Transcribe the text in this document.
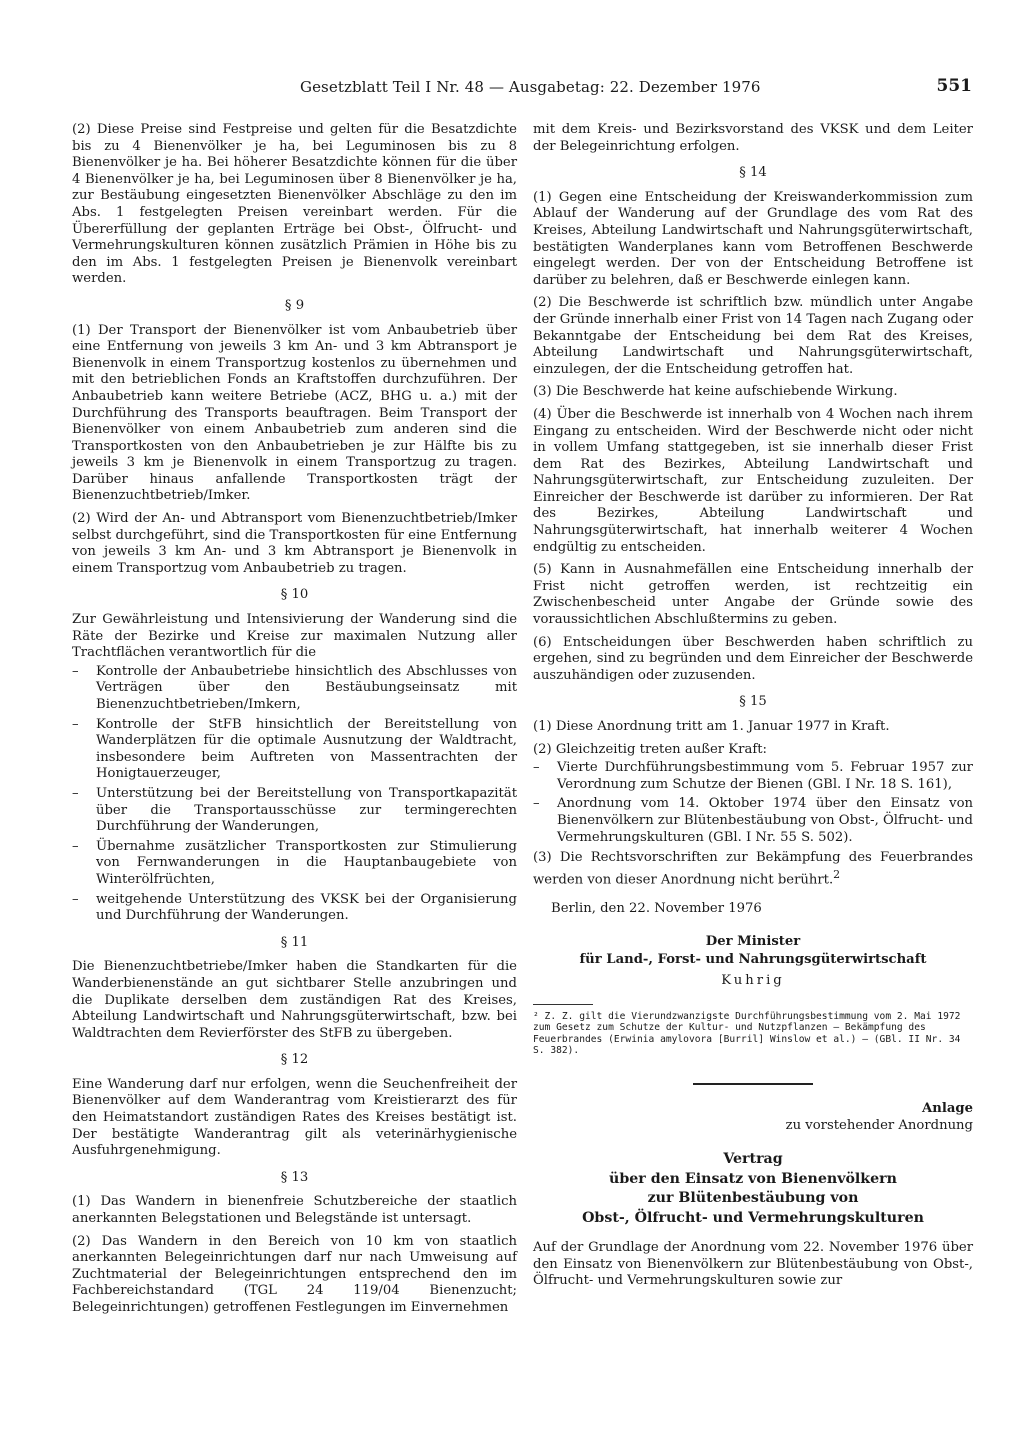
Gesetzblatt Teil I Nr. 48 — Ausgabetag: 22. Dezember 1976	551

(2) Diese Preise sind Festpreise und gelten für die Besatzdichte bis zu 4 Bienenvölker je ha, bei Leguminosen bis zu 8 Bienenvölker je ha. Bei höherer Besatzdichte können für die über 4 Bienenvölker je ha, bei Leguminosen über 8 Bienenvölker je ha, zur Bestäubung eingesetzten Bienenvölker Abschläge zu den im Abs. 1 festgelegten Preisen vereinbart werden. Für die Übererfüllung der geplanten Erträge bei Obst-, Ölfrucht- und Vermehrungskulturen können zusätzlich Prämien in Höhe bis zu den im Abs. 1 festgelegten Preisen je Bienenvolk vereinbart werden.

§ 9

(1) Der Transport der Bienenvölker ist vom Anbaubetrieb über eine Entfernung von jeweils 3 km An- und 3 km Abtransport je Bienenvolk in einem Transportzug kostenlos zu übernehmen und mit den betrieblichen Fonds an Kraftstoffen durchzuführen. Der Anbaubetrieb kann weitere Betriebe (ACZ, BHG u. a.) mit der Durchführung des Transports beauftragen. Beim Transport der Bienenvölker von einem Anbaubetrieb zum anderen sind die Transportkosten von den Anbaubetrieben je zur Hälfte bis zu jeweils 3 km je Bienenvolk in einem Transportzug zu tragen. Darüber hinaus anfallende Transportkosten trägt der Bienenzuchtbetrieb/Imker.

(2) Wird der An- und Abtransport vom Bienenzuchtbetrieb/Imker selbst durchgeführt, sind die Transportkosten für eine Entfernung von jeweils 3 km An- und 3 km Abtransport je Bienenvolk in einem Transportzug vom Anbaubetrieb zu tragen.

§ 10

Zur Gewährleistung und Intensivierung der Wanderung sind die Räte der Bezirke und Kreise zur maximalen Nutzung aller Trachtflächen verantwortlich für die

– Kontrolle der Anbaubetriebe hinsichtlich des Abschlusses von Verträgen über den Bestäubungseinsatz mit Bienenzuchtbetrieben/Imkern,
– Kontrolle der StFB hinsichtlich der Bereitstellung von Wanderplätzen für die optimale Ausnutzung der Waldtracht, insbesondere beim Auftreten von Massentrachten der Honigtauerzeuger,
– Unterstützung bei der Bereitstellung von Transportkapazität über die Transportausschüsse zur termingerechten Durchführung der Wanderungen,
– Übernahme zusätzlicher Transportkosten zur Stimulierung von Fernwanderungen in die Hauptanbaugebiete von Winterölfrüchten,
– weitgehende Unterstützung des VKSK bei der Organisierung und Durchführung der Wanderungen.
§ 11

Die Bienenzuchtbetriebe/Imker haben die Standkarten für die Wanderbienenstände an gut sichtbarer Stelle anzubringen und die Duplikate derselben dem zuständigen Rat des Kreises, Abteilung Landwirtschaft und Nahrungsgüterwirtschaft, bzw. bei Waldtrachten dem Revierförster des StFB zu übergeben.

§ 12

Eine Wanderung darf nur erfolgen, wenn die Seuchenfreiheit der Bienenvölker auf dem Wanderantrag vom Kreistierarzt des für den Heimatstandort zuständigen Rates des Kreises bestätigt ist. Der bestätigte Wanderantrag gilt als veterinärhygienische Ausfuhrgenehmigung.

§ 13

(1) Das Wandern in bienenfreie Schutzbereiche der staatlich anerkannten Belegstationen und Belegstände ist untersagt.

(2) Das Wandern in den Bereich von 10 km von staatlich anerkannten Belegeinrichtungen darf nur nach Umweisung auf Zuchtmaterial der Belegeinrichtungen entsprechend den im Fachbereichstandard (TGL 24 119/04 Bienenzucht; Belegeinrichtungen) getroffenen Festlegungen im Einvernehmen

mit dem Kreis- und Bezirksvorstand des VKSK und dem Leiter der Belegeinrichtung erfolgen.

§ 14

(1) Gegen eine Entscheidung der Kreiswanderkommission zum Ablauf der Wanderung auf der Grundlage des vom Rat des Kreises, Abteilung Landwirtschaft und Nahrungsgüterwirtschaft, bestätigten Wanderplanes kann vom Betroffenen Beschwerde eingelegt werden. Der von der Entscheidung Betroffene ist darüber zu belehren, daß er Beschwerde einlegen kann.

(2) Die Beschwerde ist schriftlich bzw. mündlich unter Angabe der Gründe innerhalb einer Frist von 14 Tagen nach Zugang oder Bekanntgabe der Entscheidung bei dem Rat des Kreises, Abteilung Landwirtschaft und Nahrungsgüterwirtschaft, einzulegen, der die Entscheidung getroffen hat.

(3) Die Beschwerde hat keine aufschiebende Wirkung.

(4) Über die Beschwerde ist innerhalb von 4 Wochen nach ihrem Eingang zu entscheiden. Wird der Beschwerde nicht oder nicht in vollem Umfang stattgegeben, ist sie innerhalb dieser Frist dem Rat des Bezirkes, Abteilung Landwirtschaft und Nahrungsgüterwirtschaft, zur Entscheidung zuzuleiten. Der Einreicher der Beschwerde ist darüber zu informieren. Der Rat des Bezirkes, Abteilung Landwirtschaft und Nahrungsgüterwirtschaft, hat innerhalb weiterer 4 Wochen endgültig zu entscheiden.

(5) Kann in Ausnahmefällen eine Entscheidung innerhalb der Frist nicht getroffen werden, ist rechtzeitig ein Zwischenbescheid unter Angabe der Gründe sowie des voraussichtlichen Abschlußtermins zu geben.

(6) Entscheidungen über Beschwerden haben schriftlich zu ergehen, sind zu begründen und dem Einreicher der Beschwerde auszuhändigen oder zuzusenden.

§ 15

(1) Diese Anordnung tritt am 1. Januar 1977 in Kraft.

(2) Gleichzeitig treten außer Kraft:

– Vierte Durchführungsbestimmung vom 5. Februar 1957 zur Verordnung zum Schutze der Bienen (GBl. I Nr. 18 S. 161),
– Anordnung vom 14. Oktober 1974 über den Einsatz von Bienenvölkern zur Blütenbestäubung von Obst-, Ölfrucht- und Vermehrungskulturen (GBl. I Nr. 55 S. 502).

(3) Die Rechtsvorschriften zur Bekämpfung des Feuerbrandes werden von dieser Anordnung nicht berührt.$^2$

Berlin, den 22. November 1976
Der Minister
für Land-, Forst- und Nahrungsgüterwirtschaft
Kuhrig
² Z. Z. gilt die Vierundzwanzigste Durchführungsbestimmung vom 2. Mai 1972 zum Gesetz zum Schutze der Kultur- und Nutzpflanzen — Bekämpfung des Feuerbrandes (Erwinia amylovora [Burril] Winslow et al.) — (GBl. II Nr. 34 S. 382).
Anlage
zu vorstehender Anordnung
Vertrag
über den Einsatz von Bienenvölkern
zur Blütenbestäubung von
Obst-, Ölfrucht- und Vermehrungskulturen

Auf der Grundlage der Anordnung vom 22. November 1976 über den Einsatz von Bienenvölkern zur Blütenbestäubung von Obst-, Ölfrucht- und Vermehrungskulturen sowie zur
